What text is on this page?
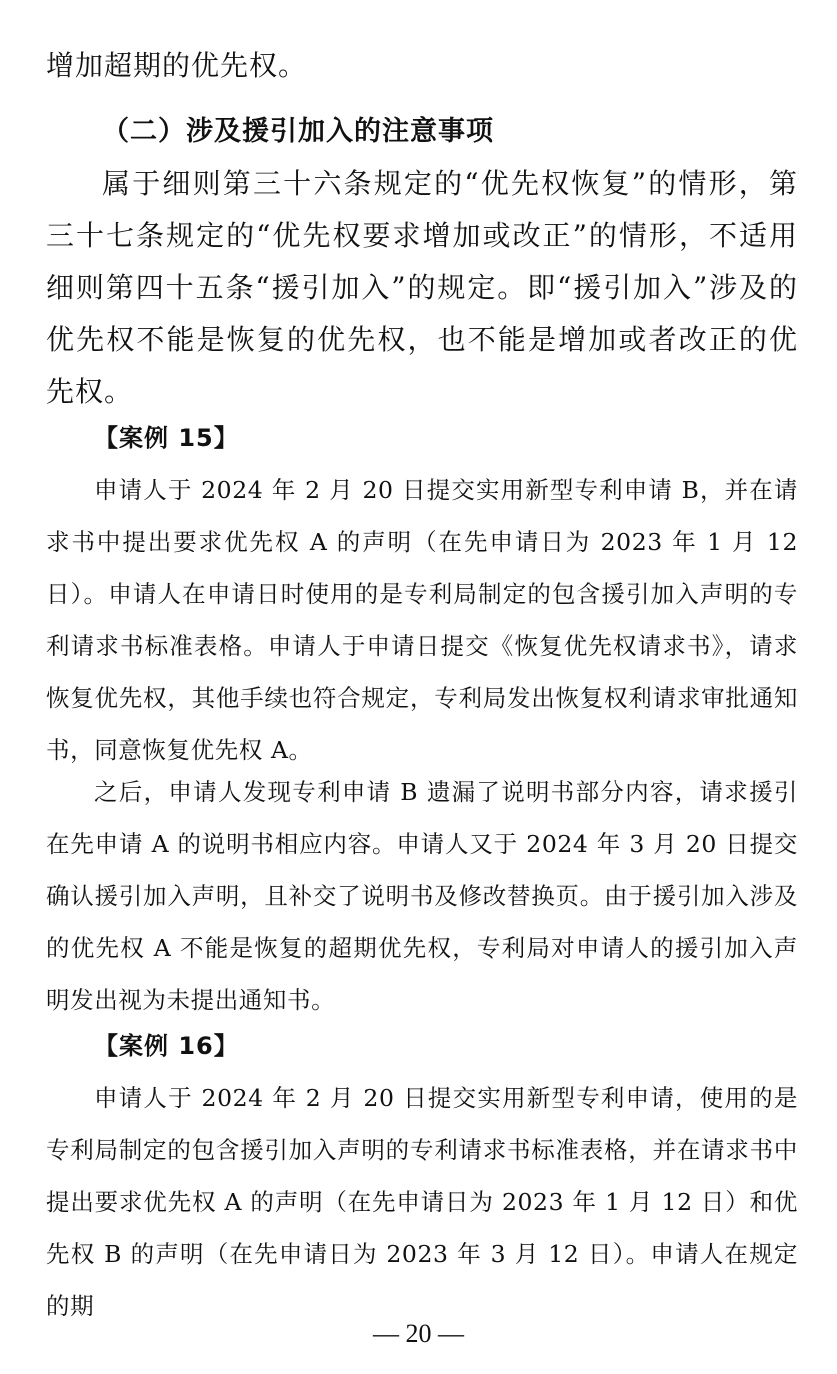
增加超期的优先权。
（二）涉及援引加入的注意事项
属于细则第三十六条规定的“优先权恢复”的情形，第三十七条规定的“优先权要求增加或改正”的情形，不适用细则第四十五条“援引加入”的规定。即“援引加入”涉及的优先权不能是恢复的优先权，也不能是增加或者改正的优先权。
【案例 15】
申请人于 2024 年 2 月 20 日提交实用新型专利申请 B，并在请求书中提出要求优先权 A 的声明（在先申请日为 2023 年 1 月 12 日）。申请人在申请日时使用的是专利局制定的包含援引加入声明的专利请求书标准表格。申请人于申请日提交《恢复优先权请求书》，请求恢复优先权，其他手续也符合规定，专利局发出恢复权利请求审批通知书，同意恢复优先权 A。
之后，申请人发现专利申请 B 遗漏了说明书部分内容，请求援引在先申请 A 的说明书相应内容。申请人又于 2024 年 3 月 20 日提交确认援引加入声明，且补交了说明书及修改替换页。由于援引加入涉及的优先权 A 不能是恢复的超期优先权，专利局对申请人的援引加入声明发出视为未提出通知书。
【案例 16】
申请人于 2024 年 2 月 20 日提交实用新型专利申请，使用的是专利局制定的包含援引加入声明的专利请求书标准表格，并在请求书中提出要求优先权 A 的声明（在先申请日为 2023 年 1 月 12 日）和优先权 B 的声明（在先申请日为 2023 年 3 月 12 日）。申请人在规定的期
— 20 —
